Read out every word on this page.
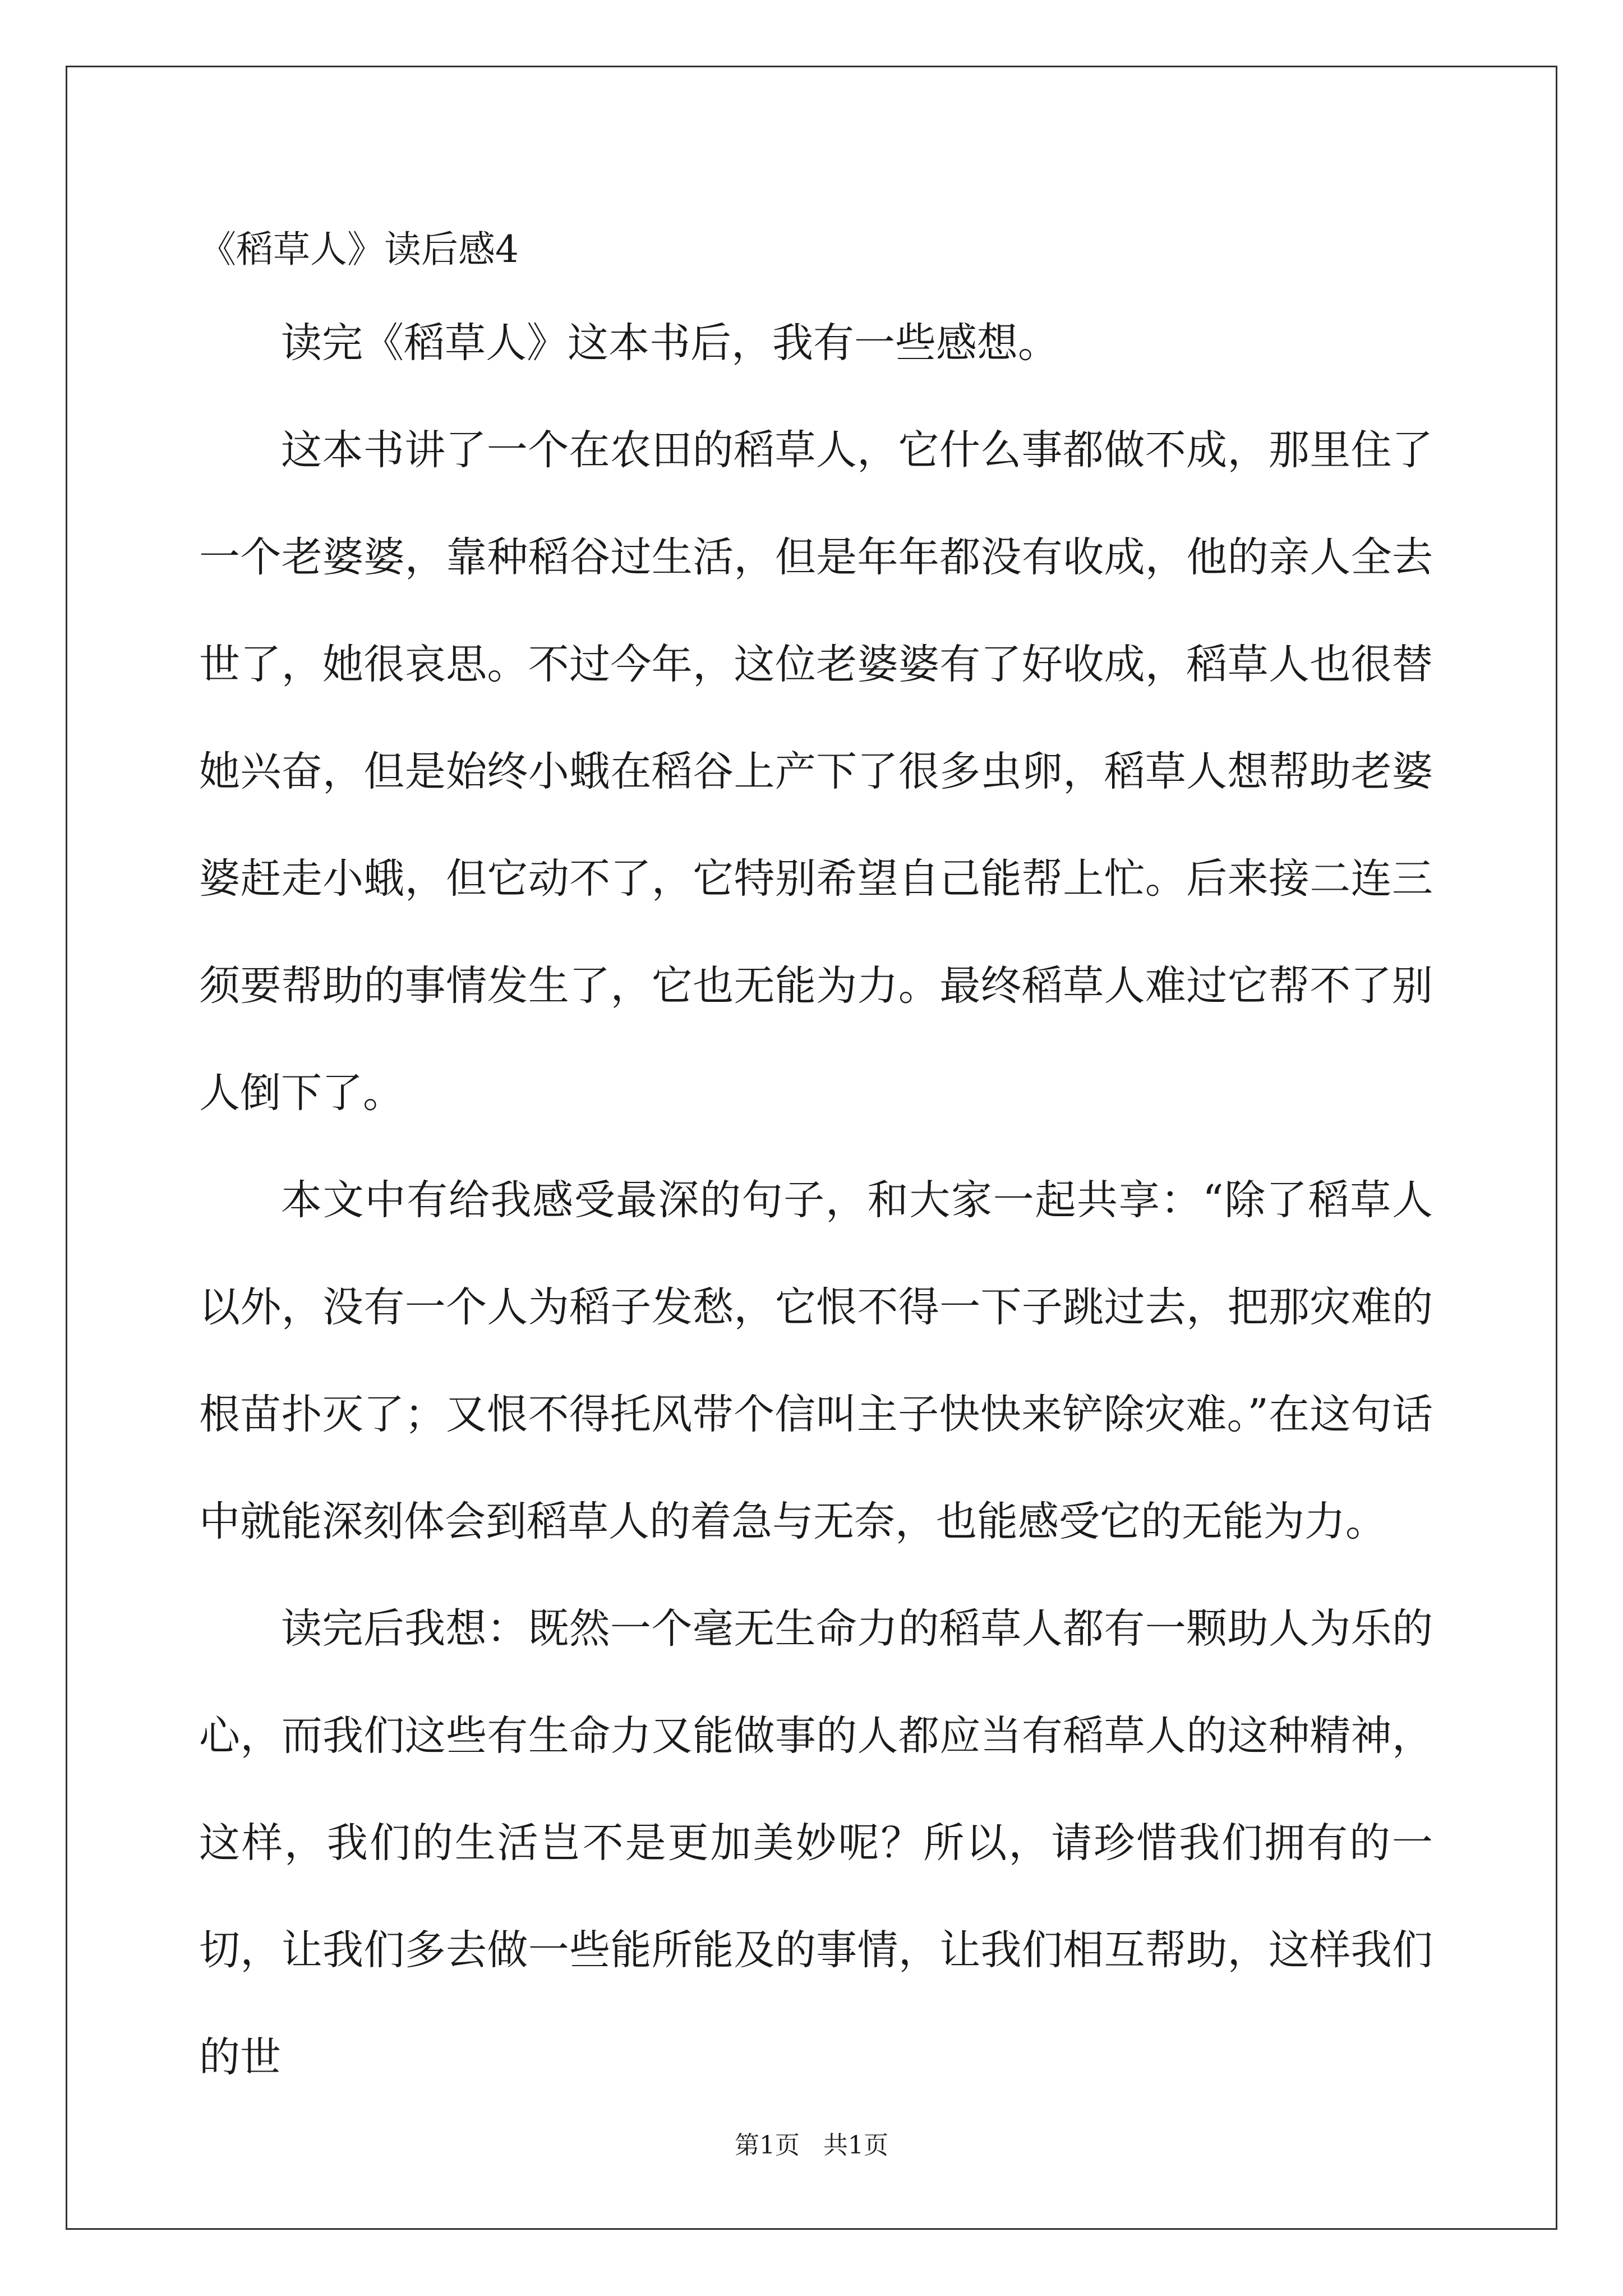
《稻草人》读后感4

读完《稻草人》这本书后，我有一些感想。

这本书讲了一个在农田的稻草人，它什么事都做不成，那里住了一个老婆婆，靠种稻谷过生活，但是年年都没有收成，他的亲人全去世了，她很哀思。不过今年，这位老婆婆有了好收成，稻草人也很替她兴奋，但是始终小蛾在稻谷上产下了很多虫卵，稻草人想帮助老婆婆赶走小蛾，但它动不了，它特别希望自己能帮上忙。后来接二连三须要帮助的事情发生了，它也无能为力。最终稻草人难过它帮不了别人倒下了。

本文中有给我感受最深的句子，和大家一起共享：“除了稻草人以外，没有一个人为稻子发愁，它恨不得一下子跳过去，把那灾难的根苗扑灭了；又恨不得托风带个信叫主子快快来铲除灾难。”在这句话中就能深刻体会到稻草人的着急与无奈，也能感受它的无能为力。

读完后我想：既然一个毫无生命力的稻草人都有一颗助人为乐的心，而我们这些有生命力又能做事的人都应当有稻草人的这种精神，这样，我们的生活岂不是更加美妙呢？所以，请珍惜我们拥有的一切，让我们多去做一些能所能及的事情，让我们相互帮助，这样我们的世

第1页   共1页
